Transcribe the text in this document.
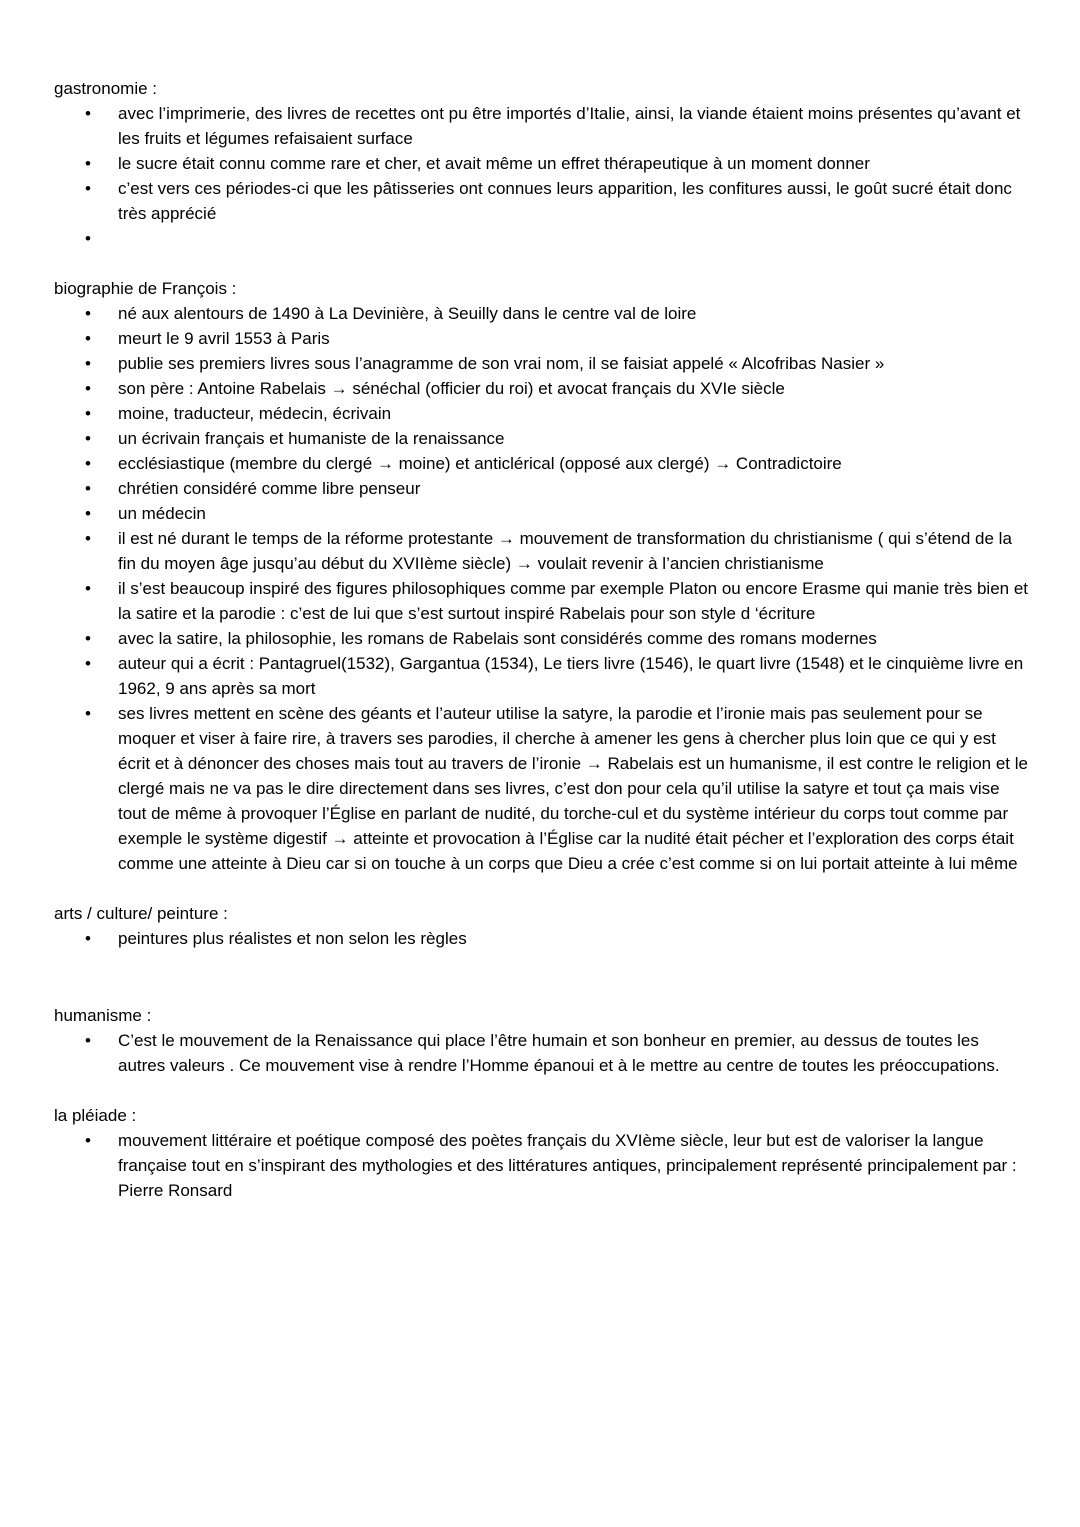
gastronomie :
• avec l’imprimerie, des livres de recettes ont pu être importés d’Italie, ainsi, la viande étaient moins présentes qu’avant et les fruits et légumes refaisaient surface
• le sucre était connu comme rare et cher, et avait même un effret thérapeutique à un moment donner
• c’est vers ces périodes-ci que les pâtisseries ont connues leurs apparition, les confitures aussi, le goût sucré était donc très apprécié
•
biographie de François :
• né aux alentours de 1490 à La Devinière, à Seuilly dans le centre val de loire
• meurt le 9 avril 1553 à Paris
• publie ses premiers livres sous l’anagramme de son vrai nom, il se faisiat appelé « Alcofribas Nasier »
• son père : Antoine Rabelais → sénéchal (officier du roi) et avocat français du XVIe siècle
• moine, traducteur, médecin, écrivain
• un écrivain français et humaniste de la renaissance
• ecclésiastique (membre du clergé → moine) et anticlérical (opposé aux clergé) → Contradictoire
• chrétien considéré comme libre penseur
• un médecin
• il est né durant le temps de la réforme protestante → mouvement de transformation du christianisme ( qui s’étend de la fin du moyen âge jusqu’au début du XVIIème siècle) → voulait revenir à l’ancien christianisme
• il s’est beaucoup inspiré des figures philosophiques comme par exemple Platon ou encore Erasme qui manie très bien et la satire et la parodie : c’est de lui que s’est surtout inspiré Rabelais pour son style d ‘écriture
• avec la satire, la philosophie, les romans de Rabelais sont considérés comme des romans modernes
• auteur qui a écrit : Pantagruel(1532), Gargantua (1534), Le tiers livre (1546), le quart livre (1548) et le cinquième livre en 1962, 9 ans après sa mort
• ses livres mettent en scène des géants et l’auteur utilise la satyre, la parodie et l’ironie mais pas seulement pour se moquer et viser à faire rire, à travers ses parodies, il cherche à amener les gens à chercher plus loin que ce qui y est écrit et à dénoncer des choses mais tout au travers de l’ironie → Rabelais est un humanisme, il est contre le religion et le clergé mais ne va pas le dire directement dans ses livres, c’est don pour cela qu’il utilise la satyre et tout ça mais vise tout de même à provoquer l’Église en parlant de nudité, du torche-cul et du système intérieur du corps tout comme par exemple le système digestif → atteinte et provocation à l’Église car la nudité était pécher et l’exploration des corps était comme une atteinte à Dieu car si on touche à un corps que Dieu a crée c’est comme si on lui portait atteinte à lui même
arts / culture/ peinture :
• peintures plus réalistes et non selon les règles
humanisme :
• C’est le mouvement de la Renaissance qui place l’être humain et son bonheur en premier, au dessus de toutes les autres valeurs . Ce mouvement vise à rendre l’Homme épanoui et à le mettre au centre de toutes les préoccupations.
la pléiade :
• mouvement littéraire et poétique composé des poètes français du XVIème siècle, leur but est de valoriser la langue française tout en s’inspirant des mythologies et des littératures antiques, principalement représenté principalement par : Pierre Ronsard
